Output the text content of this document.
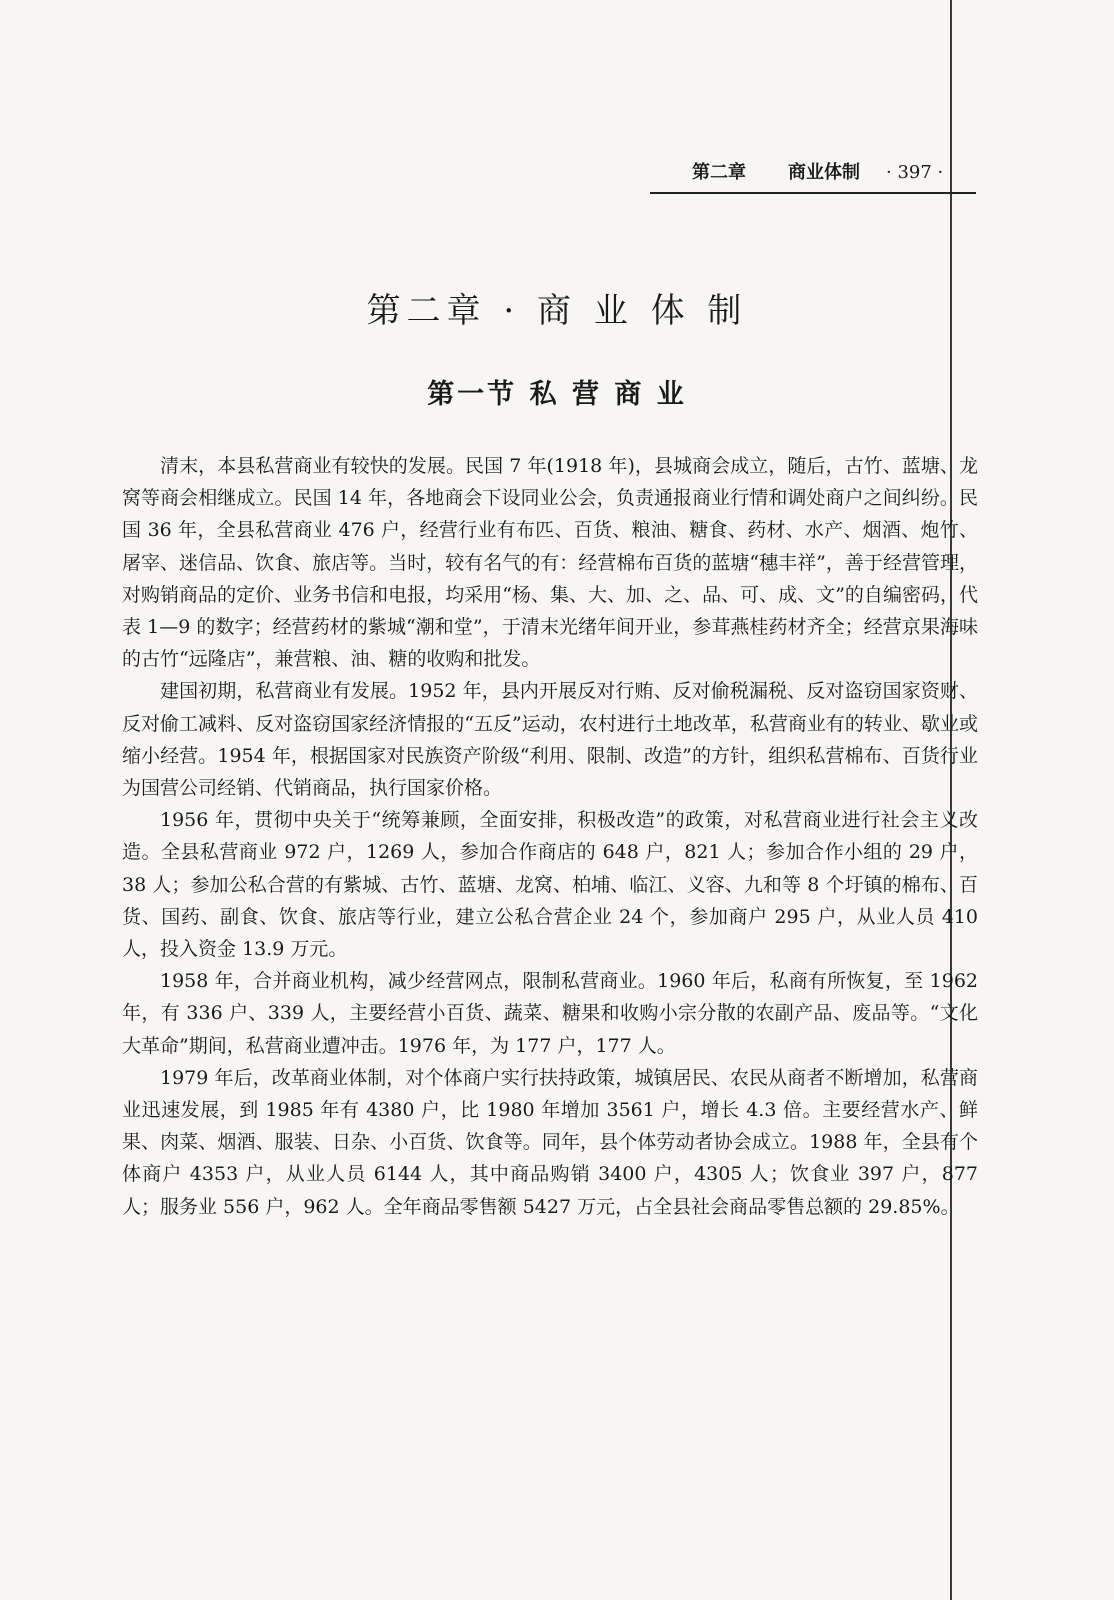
第二章 商业体制 · 397 ·
第二章 · 商 业 体 制
第一节 私 营 商 业

清末，本县私营商业有较快的发展。民国 7 年(1918 年)，县城商会成立，随后，古竹、蓝塘、龙窝等商会相继成立。民国 14 年，各地商会下设同业公会，负责通报商业行情和调处商户之间纠纷。民国 36 年，全县私营商业 476 户，经营行业有布匹、百货、粮油、糖食、药材、水产、烟酒、炮竹、屠宰、迷信品、饮食、旅店等。当时，较有名气的有：经营棉布百货的蓝塘“穗丰祥”，善于经营管理，对购销商品的定价、业务书信和电报，均采用“杨、集、大、加、之、品、可、成、文”的自编密码，代表 1—9 的数字；经营药材的紫城“潮和堂”，于清末光绪年间开业，参茸燕桂药材齐全；经营京果海味的古竹“远隆店”，兼营粮、油、糖的收购和批发。

建国初期，私营商业有发展。1952 年，县内开展反对行贿、反对偷税漏税、反对盗窃国家资财、反对偷工减料、反对盗窃国家经济情报的“五反”运动，农村进行土地改革，私营商业有的转业、歇业或缩小经营。1954 年，根据国家对民族资产阶级“利用、限制、改造”的方针，组织私营棉布、百货行业为国营公司经销、代销商品，执行国家价格。

1956 年，贯彻中央关于“统筹兼顾，全面安排，积极改造”的政策，对私营商业进行社会主义改造。全县私营商业 972 户，1269 人，参加合作商店的 648 户，821 人；参加合作小组的 29 户，38 人；参加公私合营的有紫城、古竹、蓝塘、龙窝、柏埔、临江、义容、九和等 8 个圩镇的棉布、百货、国药、副食、饮食、旅店等行业，建立公私合营企业 24 个，参加商户 295 户，从业人员 410 人，投入资金 13.9 万元。

1958 年，合并商业机构，减少经营网点，限制私营商业。1960 年后，私商有所恢复，至 1962 年，有 336 户、339 人，主要经营小百货、蔬菜、糖果和收购小宗分散的农副产品、废品等。“文化大革命”期间，私营商业遭冲击。1976 年，为 177 户，177 人。

1979 年后，改革商业体制，对个体商户实行扶持政策，城镇居民、农民从商者不断增加，私营商业迅速发展，到 1985 年有 4380 户，比 1980 年增加 3561 户，增长 4.3 倍。主要经营水产、鲜果、肉菜、烟酒、服装、日杂、小百货、饮食等。同年，县个体劳动者协会成立。1988 年，全县有个体商户 4353 户，从业人员 6144 人，其中商品购销 3400 户，4305 人；饮食业 397 户，877 人；服务业 556 户，962 人。全年商品零售额 5427 万元，占全县社会商品零售总额的 29.85%。
